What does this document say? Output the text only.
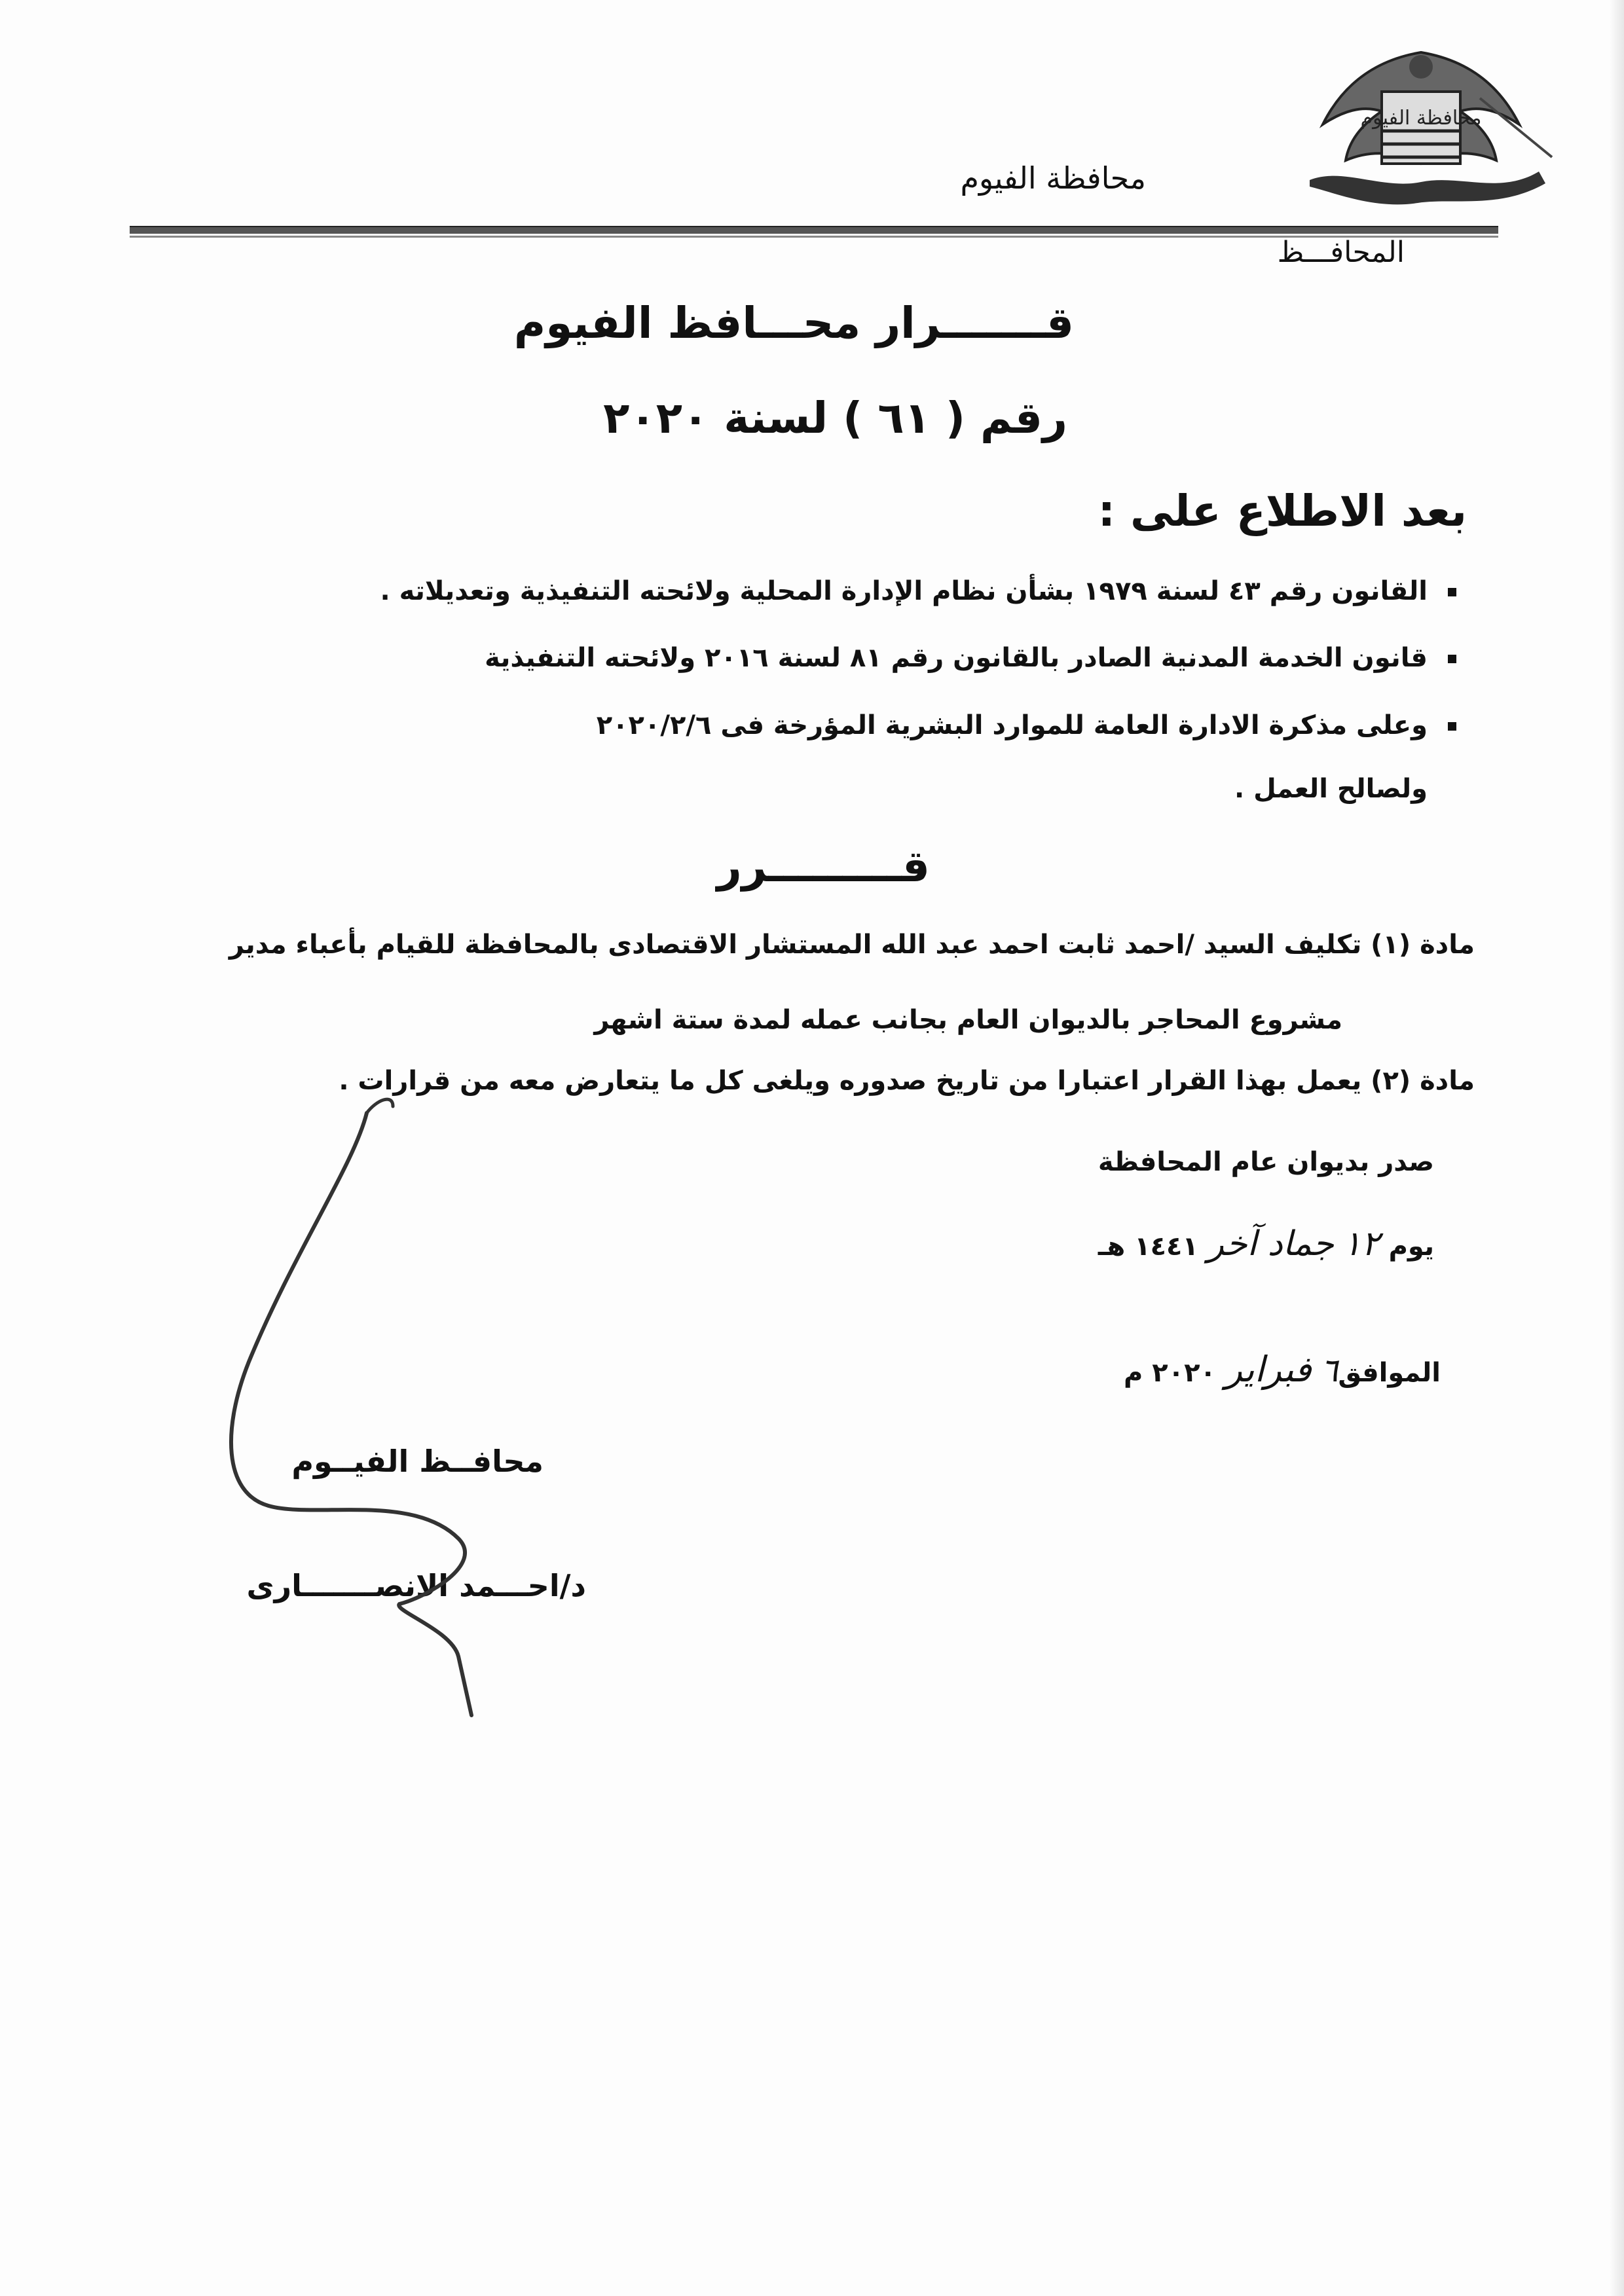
محافظة الفيوم
محافظة الفيوم
المحافـــظ
قـــــــرار محـــافظ الفيوم
رقم ( ٦١ ) لسنة ٢٠٢٠
بعد الاطلاع على :
القانون رقم ٤٣ لسنة ١٩٧٩ بشأن نظام الإدارة المحلية ولائحته التنفيذية وتعديلاته .
قانون الخدمة المدنية الصادر بالقانون رقم ٨١ لسنة ٢٠١٦ ولائحته التنفيذية
وعلى مذكرة الادارة العامة للموارد البشرية المؤرخة فى ٢٠٢٠/٢/٦
ولصالح العمل .
قـــــــــرر
مادة (١) تكليف السيد /احمد ثابت احمد عبد الله المستشار الاقتصادى بالمحافظة للقيام بأعباء مدير
مشروع المحاجر بالديوان العام بجانب عمله لمدة ستة اشهر
مادة (٢) يعمل بهذا القرار اعتبارا من تاريخ صدوره ويلغى كل ما يتعارض معه من قرارات .
صدر بديوان عام المحافظة
يوم ١٢ جماد آخر ١٤٤١ هـ
الموافق٦ فبراير ٢٠٢٠ م
محافــظ الفيــوم
د/احـــمد الانصـــــــارى
